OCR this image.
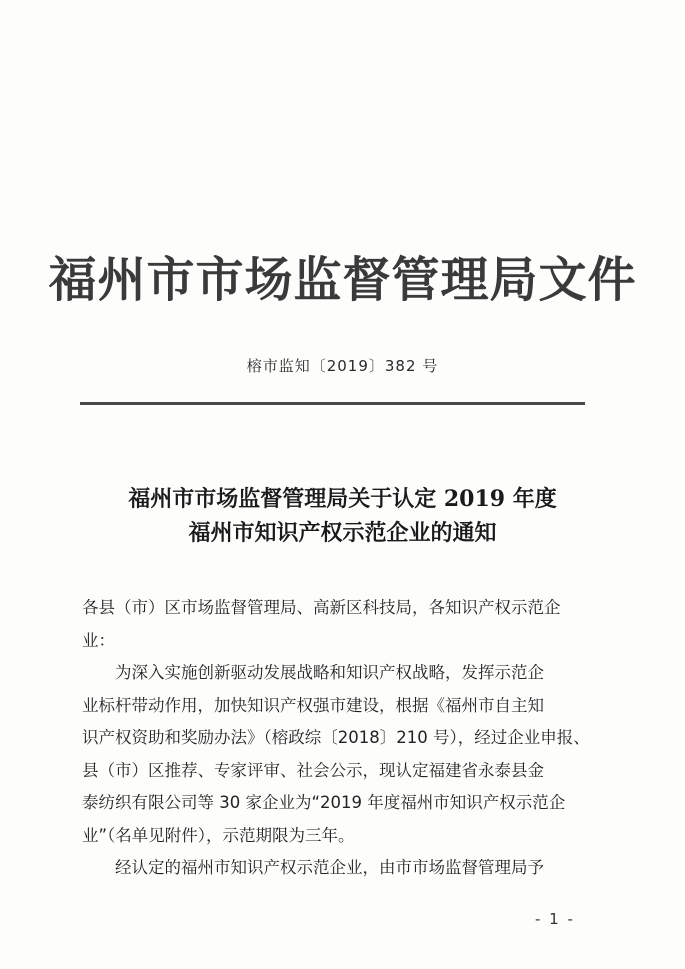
福州市市场监督管理局文件
榕市监知〔2019〕382 号
福州市市场监督管理局关于认定 2019 年度
福州市知识产权示范企业的通知
各县（市）区市场监督管理局、高新区科技局，各知识产权示范企
业：
为深入实施创新驱动发展战略和知识产权战略，发挥示范企
业标杆带动作用，加快知识产权强市建设，根据《福州市自主知
识产权资助和奖励办法》（榕政综〔2018〕210 号），经过企业申报、
县（市）区推荐、专家评审、社会公示，现认定福建省永泰县金
泰纺织有限公司等 30 家企业为“2019 年度福州市知识产权示范企
业”（名单见附件），示范期限为三年。
经认定的福州市知识产权示范企业，由市市场监督管理局予
- 1 -
